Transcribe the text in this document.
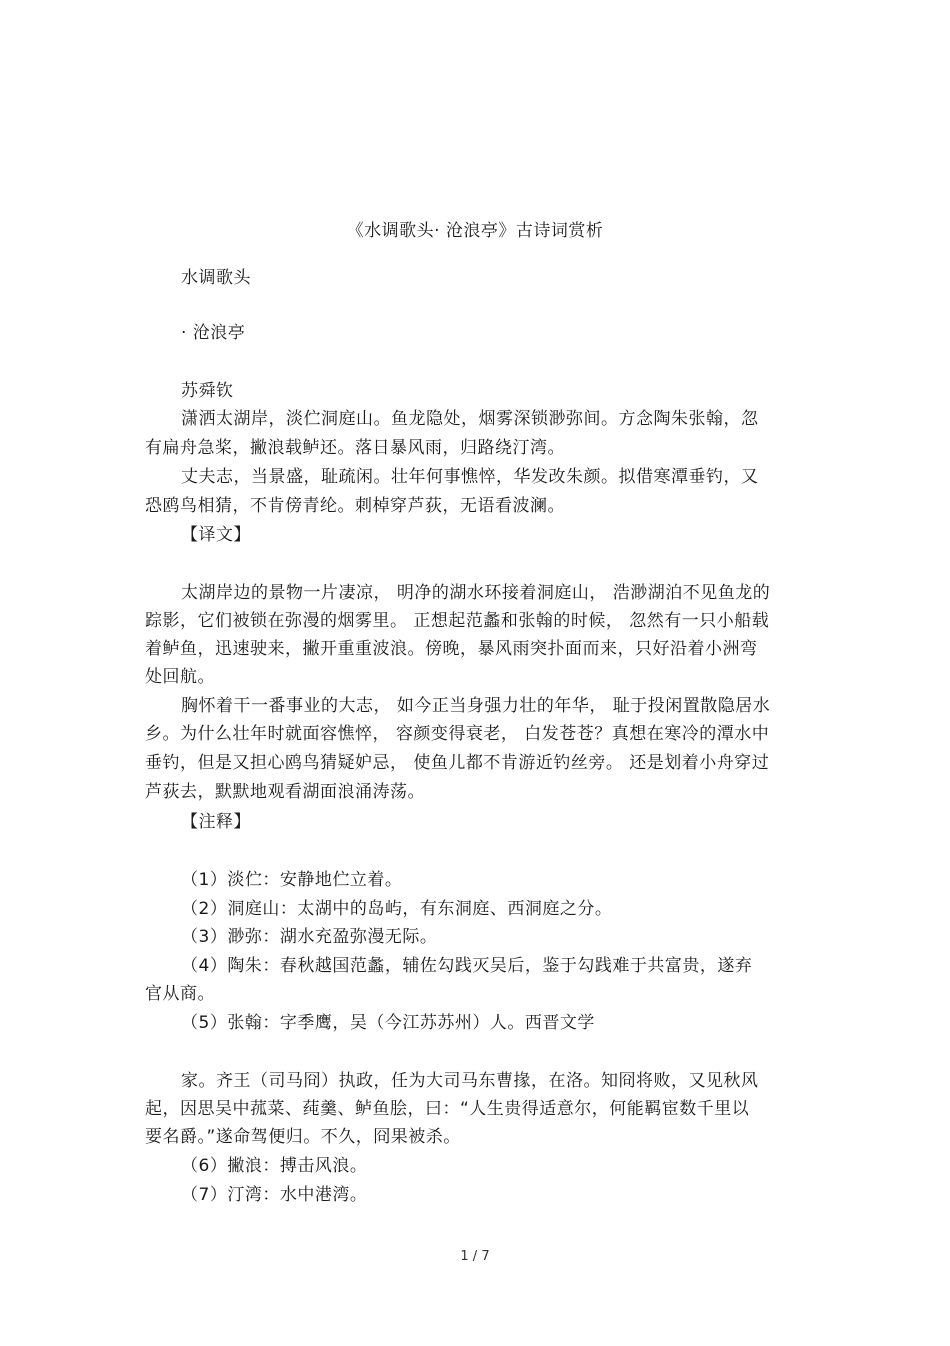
《水调歌头· 沧浪亭》古诗词赏析
水调歌头
· 沧浪亭
苏舜钦
潇洒太湖岸，淡伫洞庭山。鱼龙隐处，烟雾深锁渺弥间。方念陶朱张翰，忽
有扁舟急桨，撇浪载鲈还。落日暴风雨，归路绕汀湾。
丈夫志，当景盛，耻疏闲。壮年何事憔悴，华发改朱颜。拟借寒潭垂钓，又
恐鸥鸟相猜，不肯傍青纶。刺棹穿芦荻，无语看波澜。
【译文】
太湖岸边的景物一片凄凉， 明净的湖水环接着洞庭山， 浩渺湖泊不见鱼龙的
踪影，它们被锁在弥漫的烟雾里。 正想起范蠡和张翰的时候， 忽然有一只小船载
着鲈鱼，迅速驶来，撇开重重波浪。傍晚，暴风雨突扑面而来，只好沿着小洲弯
处回航。
胸怀着干一番事业的大志， 如今正当身强力壮的年华， 耻于投闲置散隐居水
乡。为什么壮年时就面容憔悴， 容颜变得衰老， 白发苍苍？真想在寒冷的潭水中
垂钓，但是又担心鸥鸟猜疑妒忌， 使鱼儿都不肯游近钓丝旁。 还是划着小舟穿过
芦荻去，默默地观看湖面浪涌涛荡。
【注释】
（1）淡伫：安静地伫立着。
（2）洞庭山：太湖中的岛屿，有东洞庭、西洞庭之分。
（3）渺弥：湖水充盈弥漫无际。
（4）陶朱：春秋越国范蠡，辅佐勾践灭吴后，鉴于勾践难于共富贵，遂弃
官从商。
（5）张翰：字季鹰，吴（今江苏苏州）人。西晋文学
家。齐王（司马冏）执政，任为大司马东曹掾，在洛。知冏将败，又见秋风
起，因思吴中菰菜、莼羹、鲈鱼脍，曰：“人生贵得适意尔，何能羁宦数千里以
要名爵。”遂命驾便归。不久，冏果被杀。
（6）撇浪：搏击风浪。
（7）汀湾：水中港湾。
1 / 7
